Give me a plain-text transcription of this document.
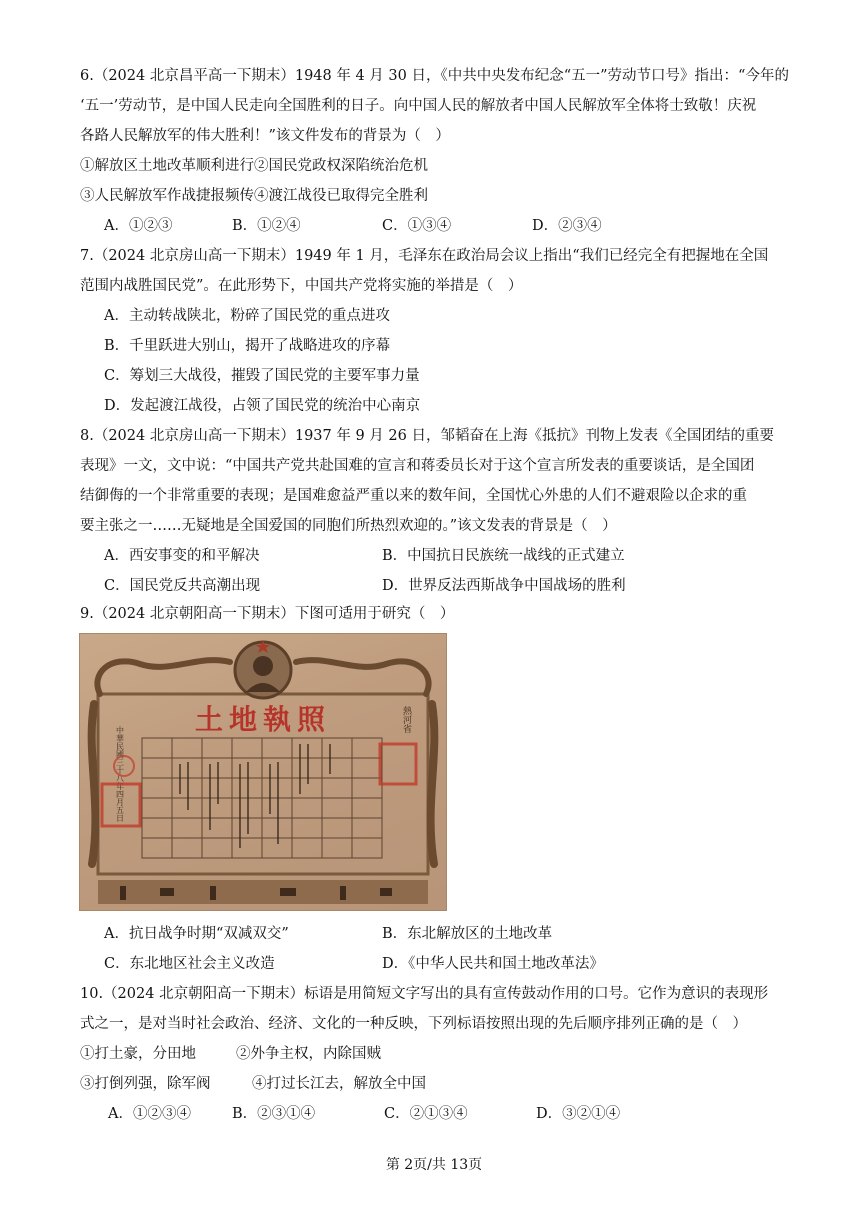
6.（2024 北京昌平高一下期末）1948 年 4 月 30 日，《中共中央发布纪念“五一”劳动节口号》指出：“今年的
‘五一’劳动节，是中国人民走向全国胜利的日子。向中国人民的解放者中国人民解放军全体将士致敬！庆祝
各路人民解放军的伟大胜利！”该文件发布的背景为（　）
①解放区土地改革顺利进行②国民党政权深陷统治危机
③人民解放军作战捷报频传④渡江战役已取得完全胜利
A．①②③	B．①②④	C．①③④	D．②③④
7.（2024 北京房山高一下期末）1949 年 1 月，毛泽东在政治局会议上指出“我们已经完全有把握地在全国
范围内战胜国民党”。在此形势下，中国共产党将实施的举措是（　）
A．主动转战陕北，粉碎了国民党的重点进攻
B．千里跃进大别山，揭开了战略进攻的序幕
C．筹划三大战役，摧毁了国民党的主要军事力量
D．发起渡江战役，占领了国民党的统治中心南京
8.（2024 北京房山高一下期末）1937 年 9 月 26 日，邹韬奋在上海《抵抗》刊物上发表《全国团结的重要
表现》一文，文中说：“中国共产党共赴国难的宣言和蒋委员长对于这个宣言所发表的重要谈话，是全国团
结御侮的一个非常重要的表现；是国难愈益严重以来的数年间，全国忧心外患的人们不避艰险以企求的重
要主张之一……无疑地是全国爱国的同胞们所热烈欢迎的。”该文发表的背景是（　）
A．西安事变的和平解决	B．中国抗日民族统一战线的正式建立
C．国民党反共高潮出现	D．世界反法西斯战争中国战场的胜利
9.（2024 北京朝阳高一下期末）下图可适用于研究（　）
土地執照
中華民國三十八年四月五日
熱河省
A．抗日战争时期“双减双交”	B．东北解放区的土地改革
C．东北地区社会主义改造	D．《中华人民共和国土地改革法》
10.（2024 北京朝阳高一下期末）标语是用简短文字写出的具有宣传鼓动作用的口号。它作为意识的表现形
式之一，是对当时社会政治、经济、文化的一种反映，下列标语按照出现的先后顺序排列正确的是（　）
①打土豪，分田地	②外争主权，内除国贼
③打倒列强，除军阀	④打过长江去，解放全中国
A．①②③④	B．②③①④	C．②①③④	D．③②①④
第 2页/共 13页
